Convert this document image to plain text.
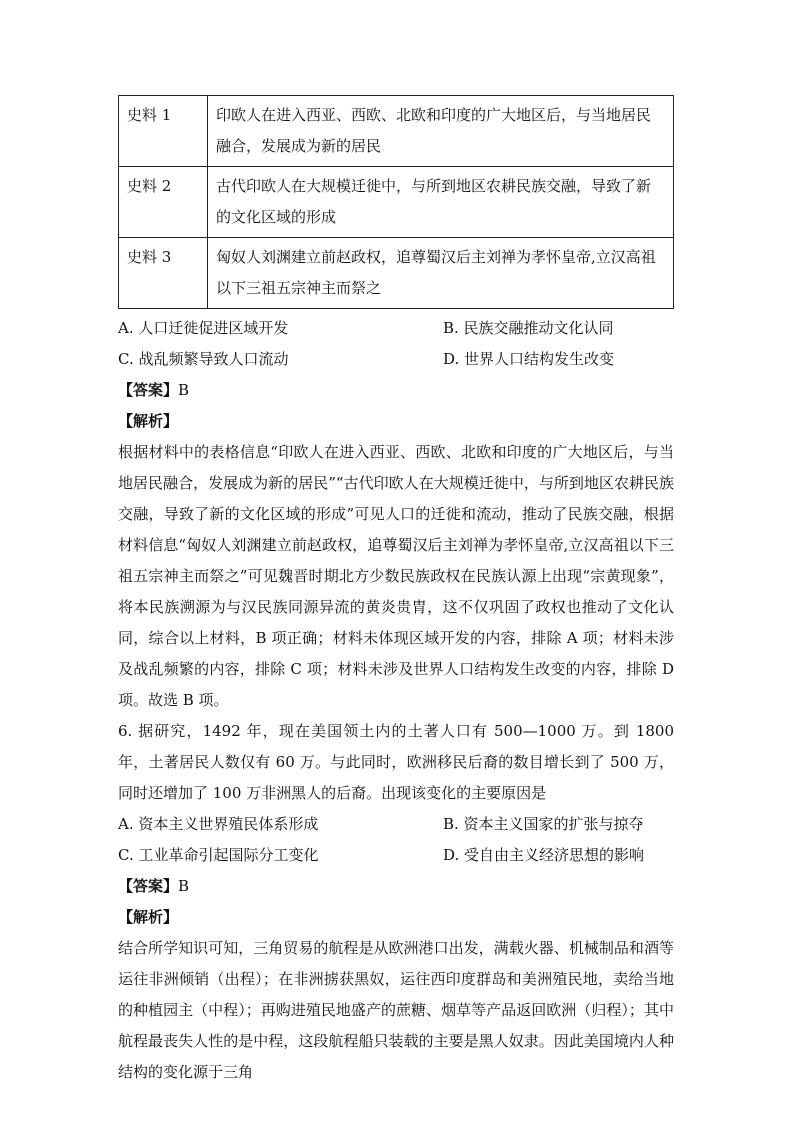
史料 1	印欧人在进入西亚、西欧、北欧和印度的广大地区后，与当地居民融合，发展成为新的居民
史料 2	古代印欧人在大规模迁徙中，与所到地区农耕民族交融，导致了新的文化区域的形成
史料 3	匈奴人刘渊建立前赵政权，追尊蜀汉后主刘禅为孝怀皇帝,立汉高祖以下三祖五宗神主而祭之
A. 人口迁徙促进区域开发	B. 民族交融推动文化认同
C. 战乱频繁导致人口流动	D. 世界人口结构发生改变
【答案】B
【解析】

根据材料中的表格信息“印欧人在进入西亚、西欧、北欧和印度的广大地区后，与当地居民融合，发展成为新的居民”“古代印欧人在大规模迁徙中，与所到地区农耕民族交融，导致了新的文化区域的形成”可见人口的迁徙和流动，推动了民族交融，根据材料信息“匈奴人刘渊建立前赵政权，追尊蜀汉后主刘禅为孝怀皇帝,立汉高祖以下三祖五宗神主而祭之”可见魏晋时期北方少数民族政权在民族认源上出现“宗黄现象”，将本民族溯源为与汉民族同源异流的黄炎贵胄，这不仅巩固了政权也推动了文化认同，综合以上材料，B 项正确；材料未体现区域开发的内容，排除 A 项；材料未涉及战乱频繁的内容，排除 C 项；材料未涉及世界人口结构发生改变的内容，排除 D 项。故选 B 项。

6. 据研究，1492 年，现在美国领土内的土著人口有 500—1000 万。到 1800 年，土著居民人数仅有 60 万。与此同时，欧洲移民后裔的数目增长到了 500 万，同时还增加了 100 万非洲黑人的后裔。出现该变化的主要原因是

A. 资本主义世界殖民体系形成	B. 资本主义国家的扩张与掠夺
C. 工业革命引起国际分工变化	D. 受自由主义经济思想的影响
【答案】B
【解析】

结合所学知识可知，三角贸易的航程是从欧洲港口出发，满载火器、机械制品和酒等运往非洲倾销（出程）；在非洲掳获黑奴，运往西印度群岛和美洲殖民地，卖给当地的种植园主（中程）；再购进殖民地盛产的蔗糖、烟草等产品返回欧洲（归程）；其中航程最丧失人性的是中程，这段航程船只装载的主要是黑人奴隶。因此美国境内人种结构的变化源于三角
